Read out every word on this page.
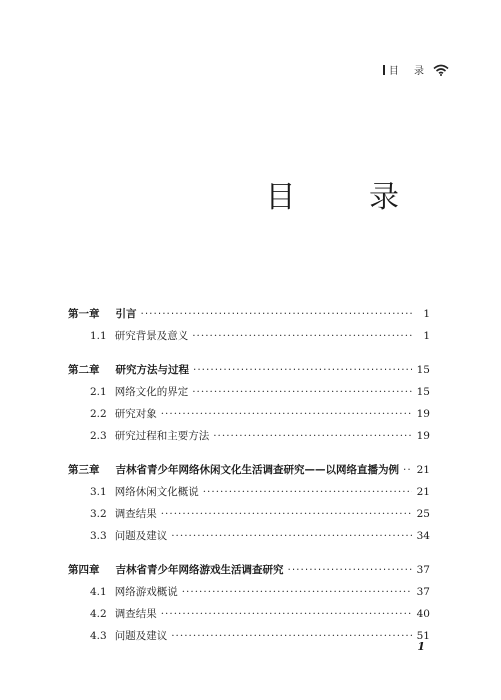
目 录
目 录
第一章 引言 ·····	1
1.1 研究背景及意义 ·····	1
第二章 研究方法与过程 ·····	15
2.1 网络文化的界定 ·····	15
2.2 研究对象 ·····	19
2.3 研究过程和主要方法 ·····	19
第三章 吉林省青少年网络休闲文化生活调查研究——以网络直播为例 ····· 21
3.1 网络休闲文化概说 ·····	21
3.2 调查结果 ·····	25
3.3 问题及建议 ·····	34
第四章 吉林省青少年网络游戏生活调查研究 ·····	37
4.1 网络游戏概说 ·····	37
4.2 调查结果 ·····	40
4.3 问题及建议 ·····	51
1
